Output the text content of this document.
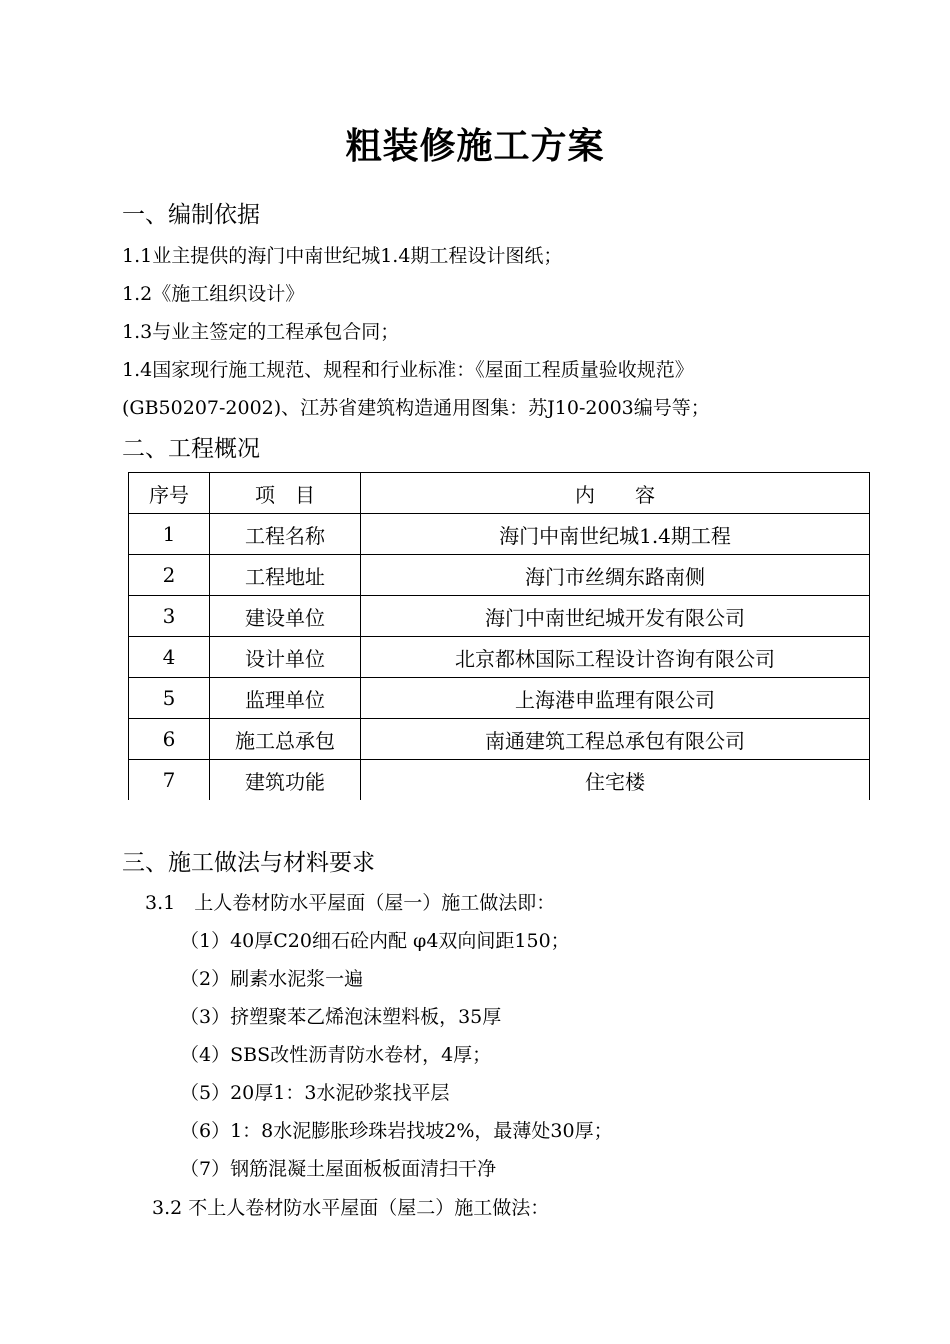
粗装修施工方案
一、编制依据
1.1业主提供的海门中南世纪城1.4期工程设计图纸；
1.2《施工组织设计》
1.3与业主签定的工程承包合同；
1.4国家现行施工规范、规程和行业标准：《屋面工程质量验收规范》
(GB50207-2002)、江苏省建筑构造通用图集：苏J10-2003编号等；
二、工程概况
序号	项　目	内　　容
1	工程名称	海门中南世纪城1.4期工程
2	工程地址	海门市丝绸东路南侧
3	建设单位	海门中南世纪城开发有限公司
4	设计单位	北京都林国际工程设计咨询有限公司
5	监理单位	上海港申监理有限公司
6	施工总承包	南通建筑工程总承包有限公司
7	建筑功能	住宅楼
三、施工做法与材料要求
3.1　上人卷材防水平屋面（屋一）施工做法即：
（1）40厚C20细石砼内配 φ4双向间距150；
（2）刷素水泥浆一遍
（3）挤塑聚苯乙烯泡沫塑料板，35厚
（4）SBS改性沥青防水卷材，4厚；
（5）20厚1：3水泥砂浆找平层
（6）1：8水泥膨胀珍珠岩找坡2%，最薄处30厚；
（7）钢筋混凝土屋面板板面清扫干净
3.2 不上人卷材防水平屋面（屋二）施工做法：
